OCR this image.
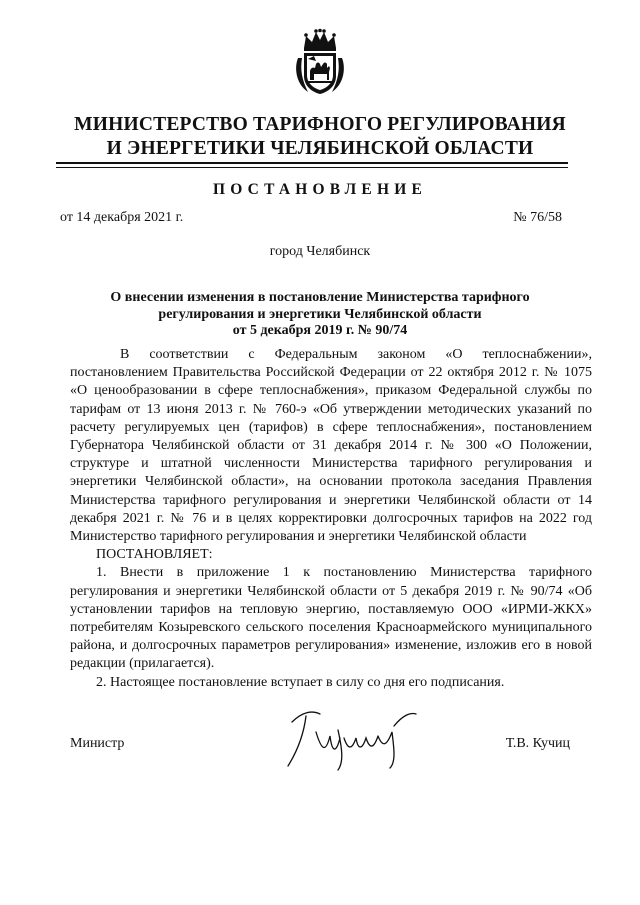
МИНИСТЕРСТВО ТАРИФНОГО РЕГУЛИРОВАНИЯ
И ЭНЕРГЕТИКИ ЧЕЛЯБИНСКОЙ ОБЛАСТИ
ПОСТАНОВЛЕНИЕ
от 14 декабря 2021 г.	№ 76/58
город Челябинск
О внесении изменения в постановление Министерства тарифного
регулирования и энергетики Челябинской области
от 5 декабря 2019 г. № 90/74

В соответствии с Федеральным законом «О теплоснабжении», постановлением Правительства Российской Федерации от 22 октября 2012 г. № 1075 «О ценообразовании в сфере теплоснабжения», приказом Федеральной службы по тарифам от 13 июня 2013 г. № 760-э «Об утверждении методических указаний по расчету регулируемых цен (тарифов) в сфере теплоснабжения», постановлением Губернатора Челябинской области от 31 декабря 2014 г. № 300 «О Положении, структуре и штатной численности Министерства тарифного регулирования и энергетики Челябинской области», на основании протокола заседания Правления Министерства тарифного регулирования и энергетики Челябинской области от 14 декабря 2021 г. № 76 и в целях корректировки долгосрочных тарифов на 2022 год Министерство тарифного регулирования и энергетики Челябинской области

ПОСТАНОВЛЯЕТ:

1. Внести в приложение 1 к постановлению Министерства тарифного регулирования и энергетики Челябинской области от 5 декабря 2019 г. № 90/74 «Об установлении тарифов на тепловую энергию, поставляемую ООО «ИРМИ-ЖКХ» потребителям Козыревского сельского поселения Красноармейского муниципального района, и долгосрочных параметров регулирования» изменение, изложив его в новой редакции (прилагается).

2. Настоящее постановление вступает в силу со дня его подписания.

Министр	Т.В. Кучиц
